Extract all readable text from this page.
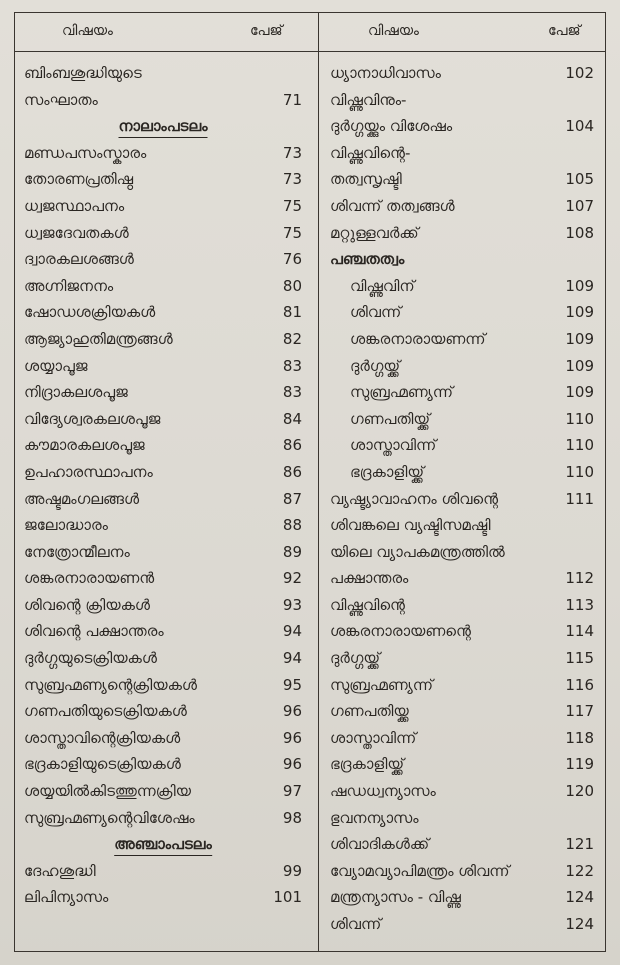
വിഷയം	പേജ്	വിഷയം	പേജ്
ബിംബശുദ്ധിയുടെ
സംഘാതം	71
നാലാംപടലം
മണ്ഡപസംസ്കാരം	73
തോരണപ്രതിഷ്ഠ	73
ധ്വജസ്ഥാപനം	75
ധ്വജദേവതകൾ	75
ദ്വാരകലശങ്ങൾ	76
അഗ്നിജനനം	80
ഷോഡശക്രിയകൾ	81
ആജ്യാഹുതിമന്ത്രങ്ങൾ	82
ശയ്യാപൂജ	83
നിദ്രാകലശപൂജ	83
വിദ്യേശ്വരകലശപൂജ	84
കൗമാരകലശപൂജ	86
ഉപഹാരസ്ഥാപനം	86
അഷ്ടമംഗലങ്ങൾ	87
ജലോദ്ധാരം	88
നേത്രോന്മീലനം	89
ശങ്കരനാരായണൻ	92
ശിവന്റെ ക്രിയകൾ	93
ശിവന്റെ പക്ഷാന്തരം	94
ദുർഗ്ഗയുടെക്രിയകൾ	94
സുബ്രഹ്മണ്യന്റെക്രിയകൾ	95
ഗണപതിയുടെക്രിയകൾ	96
ശാസ്താവിന്റെക്രിയകൾ	96
ഭദ്രകാളിയുടെക്രിയകൾ	96
ശയ്യയിൽകിടത്തുന്നക്രിയ	97
സുബ്രഹ്മണ്യന്റെവിശേഷം	98
അഞ്ചാംപടലം
ദേഹശുദ്ധി	99
ലിപിന്യാസം	101
ധ്യാനാധിവാസം	102
വിഷ്ണുവിനും-
ദുർഗ്ഗയ്ക്കും വിശേഷം	104
വിഷ്ണുവിന്റെ-
തത്വസൃഷ്ടി	105
ശിവന്ന് തത്വങ്ങൾ	107
മറ്റുള്ളവർക്ക്	108
പഞ്ചതത്വം
വിഷ്ണുവിന്	109
ശിവന്ന്	109
ശങ്കരനാരായണന്ന്	109
ദുർഗ്ഗയ്ക്ക്	109
സുബ്രഹ്മണ്യന്ന്	109
ഗണപതിയ്ക്ക്	110
ശാസ്താവിന്ന്	110
ഭദ്രകാളിയ്ക്ക്	110
വ്യഷ്ട്യാവാഹനം ശിവന്റെ	111
ശിവങ്കലെ വ്യഷ്ടിസമഷ്ടി
യിലെ വ്യാപകമന്ത്രത്തിൽ
പക്ഷാന്തരം	112
വിഷ്ണുവിന്റെ	113
ശങ്കരനാരായണന്റെ	114
ദുർഗ്ഗയ്ക്ക്	115
സുബ്രഹ്മണ്യന്ന്	116
ഗണപതിയ്ക്ക	117
ശാസ്താവിന്ന്	118
ഭദ്രകാളിയ്ക്ക്	119
ഷഡധ്വന്യാസം	120
ഭുവനന്യാസം
ശിവാദികൾക്ക്	121
വ്യോമവ്യാപിമന്ത്രം ശിവന്ന്	122
മന്ത്രന്യാസം - വിഷ്ണു	124
ശിവന്ന്	124
